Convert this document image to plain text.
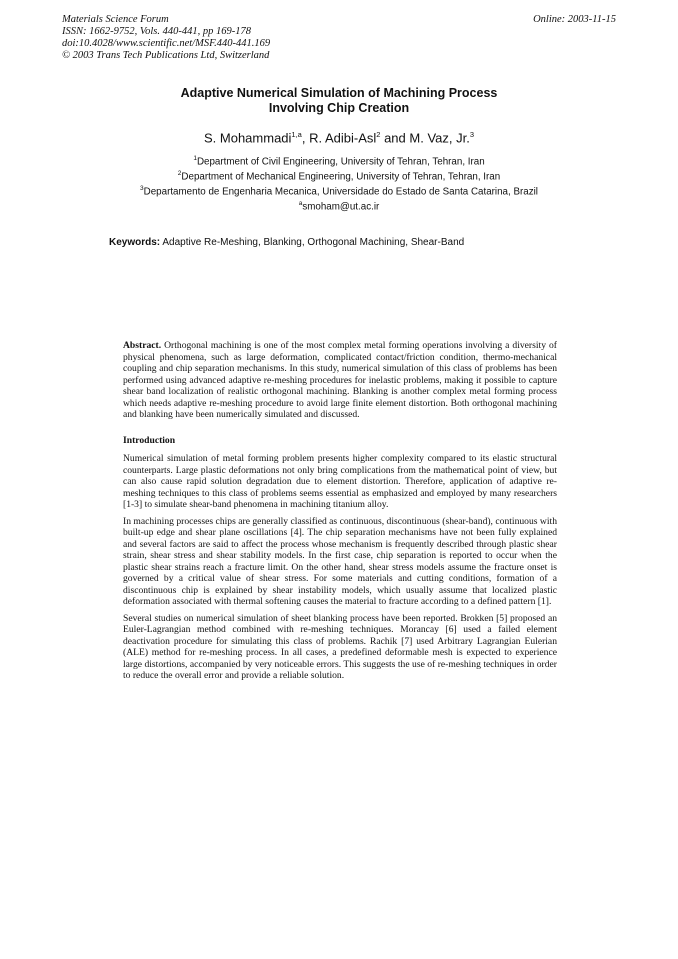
Materials Science Forum
ISSN: 1662-9752, Vols. 440-441, pp 169-178
doi:10.4028/www.scientific.net/MSF.440-441.169
© 2003 Trans Tech Publications Ltd, Switzerland
Online: 2003-11-15
Adaptive Numerical Simulation of Machining Process
Involving Chip Creation
S. Mohammadi$^{1,a}$, R. Adibi-Asl$^2$ and M. Vaz, Jr.$^3$
$^1$Department of Civil Engineering, University of Tehran, Tehran, Iran
$^2$Department of Mechanical Engineering, University of Tehran, Tehran, Iran
$^3$Departamento de Engenharia Mecanica, Universidade do Estado de Santa Catarina, Brazil
$^a$smoham@ut.ac.ir
Keywords: Adaptive Re-Meshing, Blanking, Orthogonal Machining, Shear-Band

Abstract. Orthogonal machining is one of the most complex metal forming operations involving a diversity of physical phenomena, such as large deformation, complicated contact/friction condition, thermo-mechanical coupling and chip separation mechanisms. In this study, numerical simulation of this class of problems has been performed using advanced adaptive re-meshing procedures for inelastic problems, making it possible to capture shear band localization of realistic orthogonal machining. Blanking is another complex metal forming process which needs adaptive re-meshing procedure to avoid large finite element distortion. Both orthogonal machining and blanking have been numerically simulated and discussed.

Introduction

Numerical simulation of metal forming problem presents higher complexity compared to its elastic structural counterparts. Large plastic deformations not only bring complications from the mathematical point of view, but can also cause rapid solution degradation due to element distortion. Therefore, application of adaptive re-meshing techniques to this class of problems seems essential as emphasized and employed by many researchers [1-3] to simulate shear-band phenomena in machining titanium alloy.

In machining processes chips are generally classified as continuous, discontinuous (shear-band), continuous with built-up edge and shear plane oscillations [4]. The chip separation mechanisms have not been fully explained and several factors are said to affect the process whose mechanism is frequently described through plastic shear strain, shear stress and shear stability models. In the first case, chip separation is reported to occur when the plastic shear strains reach a fracture limit. On the other hand, shear stress models assume the fracture onset is governed by a critical value of shear stress. For some materials and cutting conditions, formation of a discontinuous chip is explained by shear instability models, which usually assume that localized plastic deformation associated with thermal softening causes the material to fracture according to a defined pattern [1].

Several studies on numerical simulation of sheet blanking process have been reported. Brokken [5] proposed an Euler-Lagrangian method combined with re-meshing techniques. Morancay [6] used a failed element deactivation procedure for simulating this class of problems. Rachik [7] used Arbitrary Lagrangian Eulerian (ALE) method for re-meshing process. In all cases, a predefined deformable mesh is expected to experience large distortions, accompanied by very noticeable errors. This suggests the use of re-meshing techniques in order to reduce the overall error and provide a reliable solution.
